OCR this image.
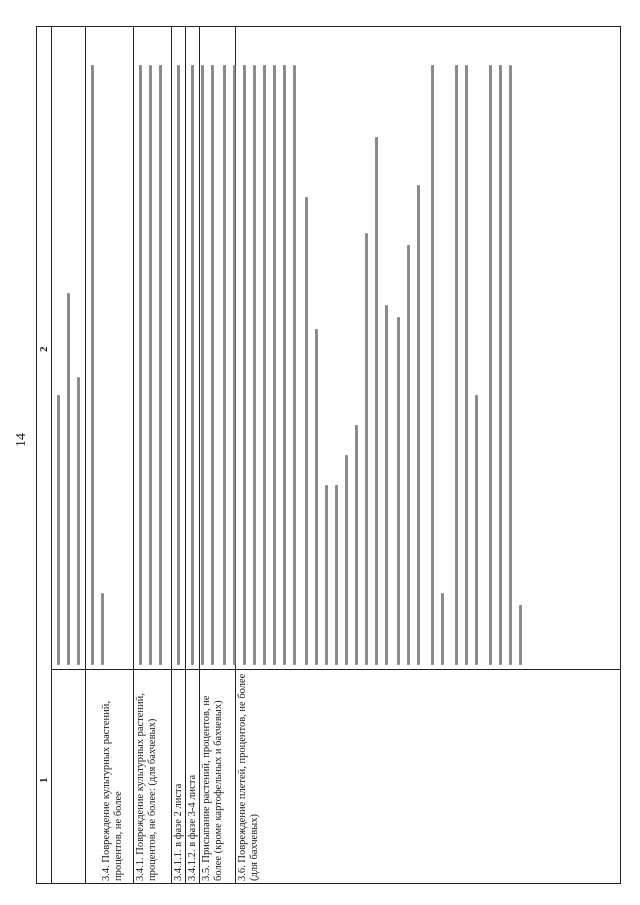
14
1
2
3.4. Повреждение культурных растений, процентов, не более 3.4.1. Повреждение культурных растений, процентов, не более: (для бахчевых) 3.4.1.1. в фазе 2 листа 3.4.1.2. в фазе 3-4 листа 3.5. Присыпание растений, процентов, не более (кроме картофельных и бахчевых) 3.6. Повреждение плетей, процентов, не более (для бахчевых)
